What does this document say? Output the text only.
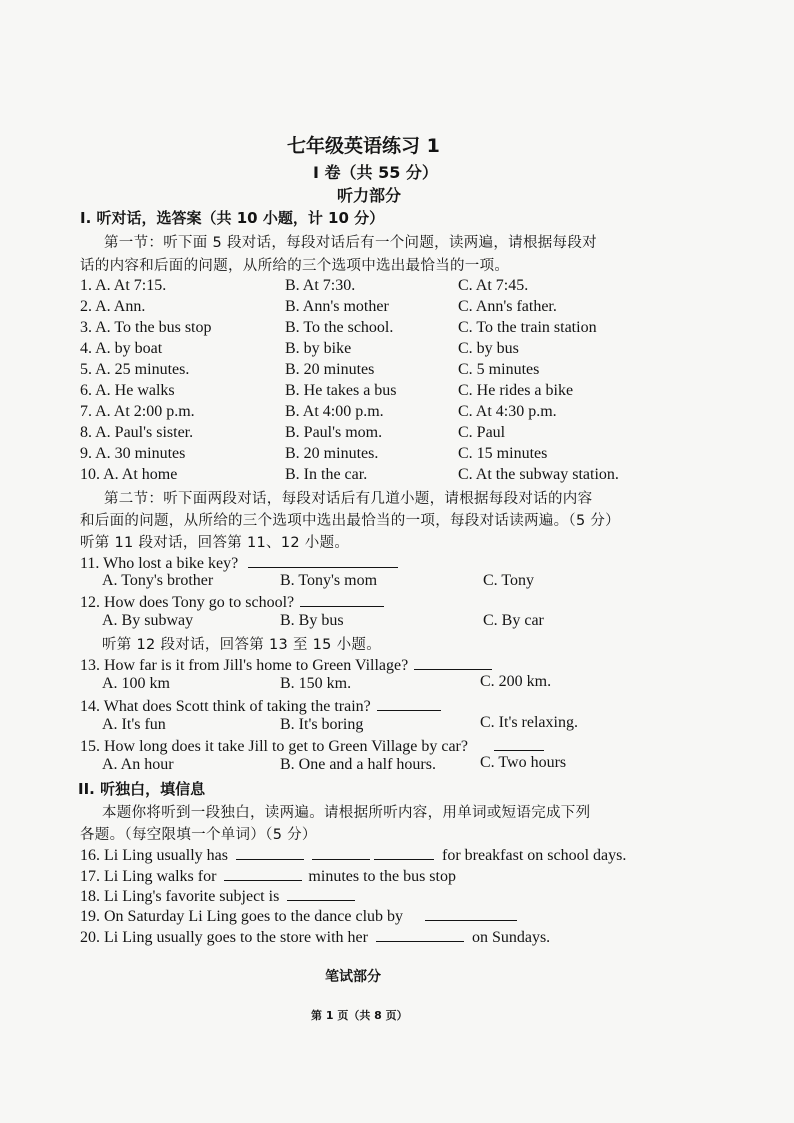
七年级英语练习 1
I 卷（共 55 分）
听力部分
I. 听对话，选答案（共 10 小题，计 10 分）
第一节：听下面 5 段对话，每段对话后有一个问题，读两遍，请根据每段对
话的内容和后面的问题，从所给的三个选项中选出最恰当的一项。
1. A. At 7:15.	B. At 7:30.	C. At 7:45.
2. A. Ann.	B. Ann's mother	C. Ann's father.
3. A. To the bus stop	B. To the school.	C. To the train station
4. A. by boat	B. by bike	C. by bus
5. A. 25 minutes.	B. 20 minutes	C. 5 minutes
6. A. He walks	B. He takes a bus	C. He rides a bike
7. A. At 2:00 p.m.	B. At 4:00 p.m.	C. At 4:30 p.m.
8. A. Paul's sister.	B. Paul's mom.	C. Paul
9. A. 30 minutes	B. 20 minutes.	C. 15 minutes
10. A. At home	B. In the car.	C. At the subway station.
第二节：听下面两段对话，每段对话后有几道小题，请根据每段对话的内容
和后面的问题，从所给的三个选项中选出最恰当的一项，每段对话读两遍。（5 分）
听第 11 段对话，回答第 11、12 小题。
11. Who lost a bike key?
A. Tony's brother	B. Tony's mom	C. Tony
12. How does Tony go to school?
A. By subway	B. By bus	C. By car
听第 12 段对话，回答第 13 至 15 小题。
13. How far is it from Jill's home to Green Village?
A. 100 km	B. 150 km.	C. 200 km.
14. What does Scott think of taking the train?
A. It's fun	B. It's boring	C. It's relaxing.
15. How long does it take Jill to get to Green Village by car?
A. An hour	B. One and a half hours.	C. Two hours
II. 听独白，填信息
本题你将听到一段独白，读两遍。请根据所听内容，用单词或短语完成下列
各题。（每空限填一个单词）（5 分）
16. Li Ling usually has	for breakfast on school days.
17. Li Ling walks for	minutes to the bus stop
18. Li Ling's favorite subject is
19. On Saturday Li Ling goes to the dance club by
20. Li Ling usually goes to the store with her	on Sundays.
笔试部分
第 1 页（共 8 页）
